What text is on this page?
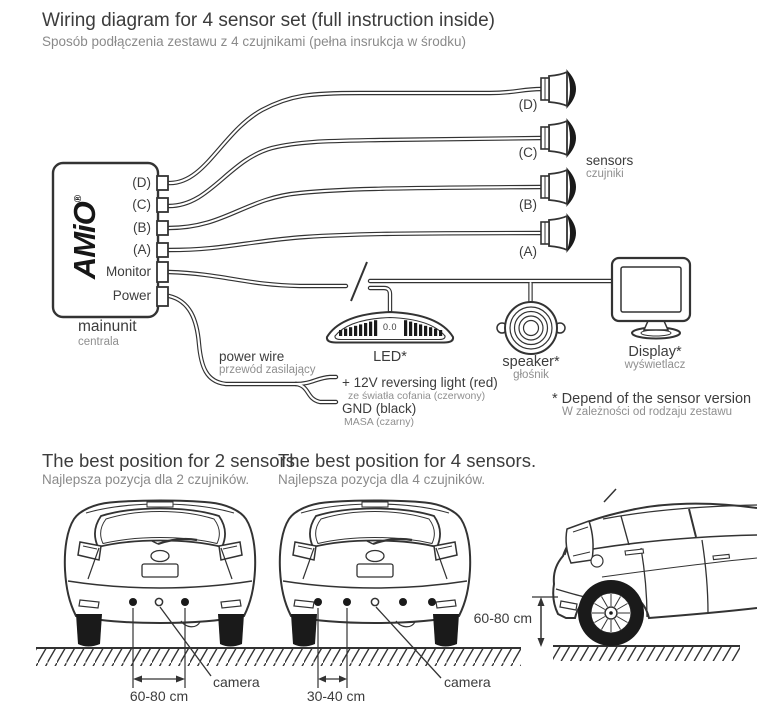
Wiring diagram for 4 sensor set (full instruction inside)
Sposób podłączenia zestawu z 4 czujnikami (pełna insrukcja w środku)
AMiO®
(D)
(C)
(B)
(A)
Monitor
Power
mainunit
centrala
(D)
(C)
(B)
(A)
sensors
czujniki
0.0
LED*	speaker*
głośnik
Display*
wyświetlacz
power wire
przewód zasilający
+ 12V reversing light (red)
ze światła cofania (czerwony)
GND (black)
MASA (czarny)
* Depend of the sensor version
W zależności od rodzaju zestawu
The best position for 2 sensors.
Najlepsza pozycja dla 2 czujników.
The best position for 4 sensors.
Najlepsza pozycja dla 4 czujników.
60-80 cm
camera
30-40 cm
camera
60-80 cm
